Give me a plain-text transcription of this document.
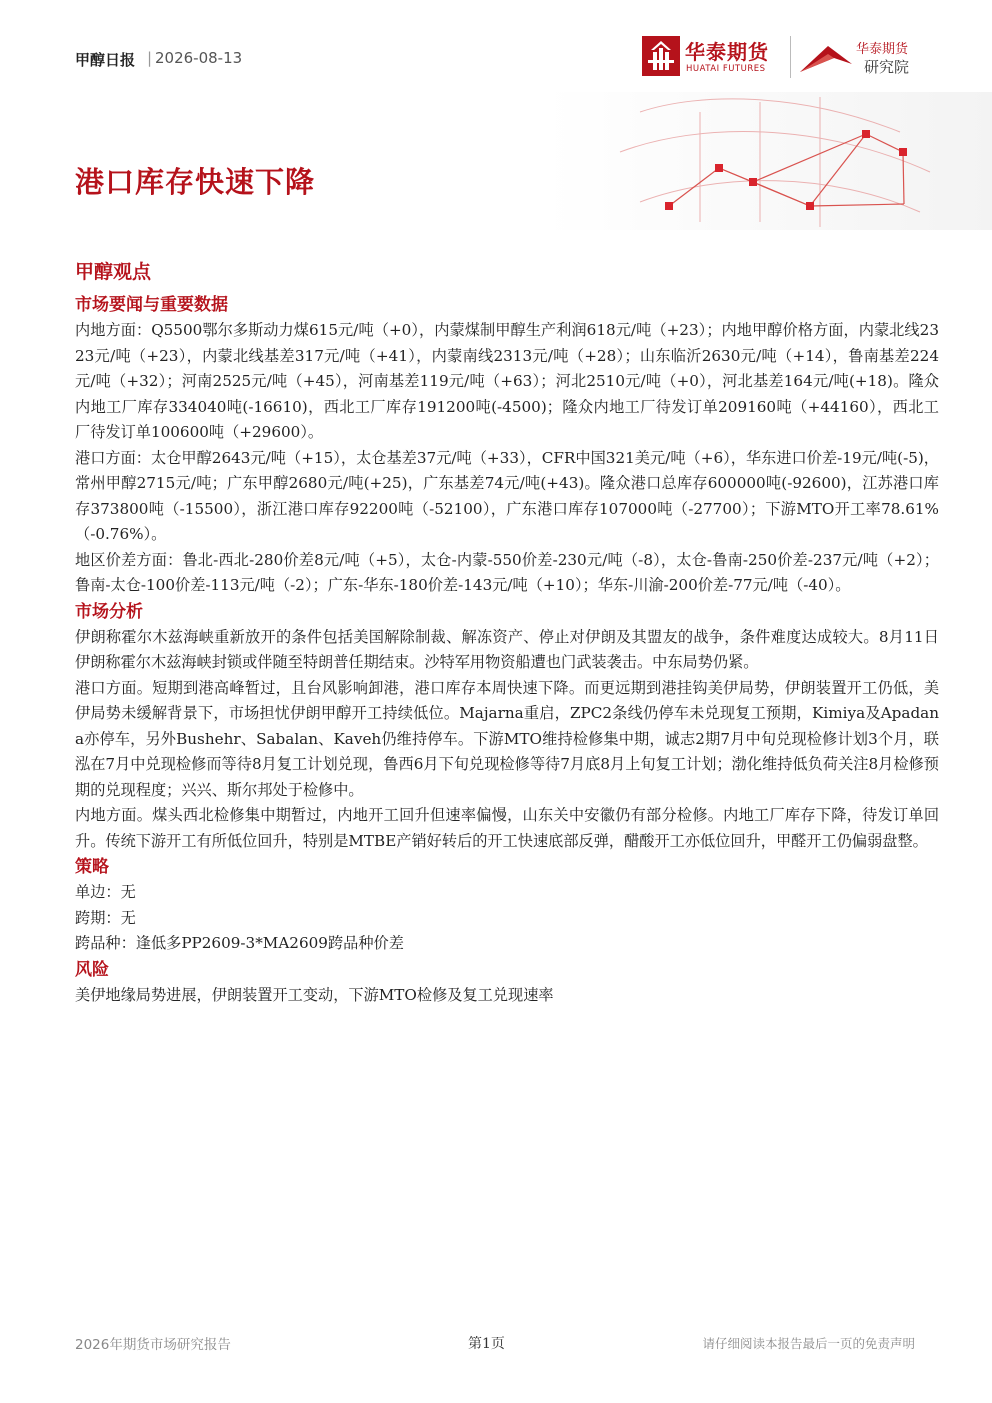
甲醇日报 | 2026-08-13	华泰期货
HUATAI FUTURES
华泰期货
研究院
港口库存快速下降
甲醇观点
市场要闻与重要数据

内地方面：Q5500鄂尔多斯动力煤615元/吨（+0），内蒙煤制甲醇生产利润618元/吨（+23）；内地甲醇价格方面，内蒙北线2323元/吨（+23），内蒙北线基差317元/吨（+41），内蒙南线2313元/吨（+28）；山东临沂2630元/吨（+14），鲁南基差224元/吨（+32）；河南2525元/吨（+45），河南基差119元/吨（+63）；河北2510元/吨（+0），河北基差164元/吨(+18)。隆众内地工厂库存334040吨(-16610)，西北工厂库存191200吨(-4500)；隆众内地工厂待发订单209160吨（+44160），西北工厂待发订单100600吨（+29600）。

港口方面：太仓甲醇2643元/吨（+15），太仓基差37元/吨（+33），CFR中国321美元/吨（+6），华东进口价差-19元/吨(-5)，常州甲醇2715元/吨；广东甲醇2680元/吨(+25)，广东基差74元/吨(+43)。隆众港口总库存600000吨(-92600)，江苏港口库存373800吨（-15500），浙江港口库存92200吨（-52100），广东港口库存107000吨（-27700）；下游MTO开工率78.61%（-0.76%）。

地区价差方面：鲁北-西北-280价差8元/吨（+5），太仓-内蒙-550价差-230元/吨（-8），太仓-鲁南-250价差-237元/吨（+2）；鲁南-太仓-100价差-113元/吨（-2）；广东-华东-180价差-143元/吨（+10）；华东-川渝-200价差-77元/吨（-40）。

市场分析

伊朗称霍尔木兹海峡重新放开的条件包括美国解除制裁、解冻资产、停止对伊朗及其盟友的战争，条件难度达成较大。8月11日伊朗称霍尔木兹海峡封锁或伴随至特朗普任期结束。沙特军用物资船遭也门武装袭击。中东局势仍紧。

港口方面。短期到港高峰暂过，且台风影响卸港，港口库存本周快速下降。而更远期到港挂钩美伊局势，伊朗装置开工仍低，美伊局势未缓解背景下，市场担忧伊朗甲醇开工持续低位。Majarna重启，ZPC2条线仍停车未兑现复工预期，Kimiya及Apadana亦停车，另外Bushehr、Sabalan、Kaveh仍维持停车。下游MTO维持检修集中期，诚志2期7月中旬兑现检修计划3个月，联泓在7月中兑现检修而等待8月复工计划兑现，鲁西6月下旬兑现检修等待7月底8月上旬复工计划；渤化维持低负荷关注8月检修预期的兑现程度；兴兴、斯尔邦处于检修中。

内地方面。煤头西北检修集中期暂过，内地开工回升但速率偏慢，山东关中安徽仍有部分检修。内地工厂库存下降，待发订单回升。传统下游开工有所低位回升，特别是MTBE产销好转后的开工快速底部反弹，醋酸开工亦低位回升，甲醛开工仍偏弱盘整。

策略

单边：无

跨期：无

跨品种：逢低多PP2609-3*MA2609跨品种价差

风险

美伊地缘局势进展，伊朗装置开工变动，下游MTO检修及复工兑现速率

2026年期货市场研究报告	第1页	请仔细阅读本报告最后一页的免责声明
